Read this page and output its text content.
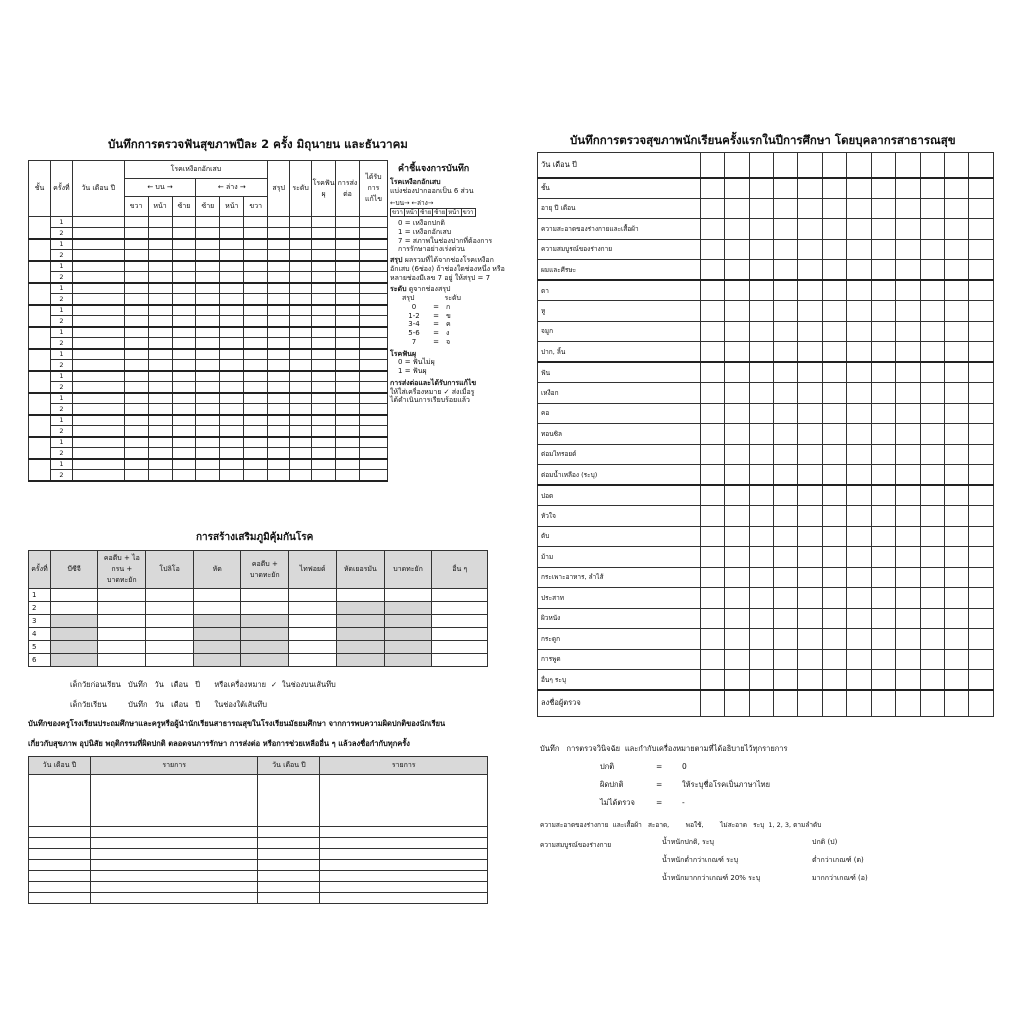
บันทึกการตรวจฟันสุขภาพปีละ 2 ครั้ง มิถุนายน และธันวาคม
ชั้น	ครั้งที่	วัน เดือน ปี	โรคเหงือกอักเสบ						สรุป	ระดับ	โรคฟันผุ	การส่งต่อ	ได้รับการแก้ไข
			← บน →			← ล่าง →							
			ขวา	หน้า	ซ้าย	ซ้าย	หน้า	ขวา					
	1												
	2												
	1												
	2												
	1												
	2												
	1												
	2												
	1												
	2												
	1												
	2												
	1												
	2												
	1												
	2												
	1												
	2												
	1												
	2												
	1												
	2												
	1												
	2												
คำชี้แจงการบันทึก
โรคเหงือกอักเสบ
แบ่งช่องปากออกเป็น 6 ส่วน
←บน→ ←ล่าง→
ขวา	หน้า	ซ้าย	ซ้าย	หน้า	ขวา
0 = เหงือกปกติ
1 = เหงือกอักเสบ
7 = สภาพในช่องปากที่ต้องการการรักษาอย่างเร่งด่วน
สรุป ผลรวมที่ได้จากช่องโรคเหงือกอักเสบ (6ช่อง) ถ้าช่องใดช่องหนึ่ง หรือหลายช่องมีเลข 7 อยู่ ให้สรุป = 7
ระดับ ดูจากช่องสรุป
สรุป	ระดับ
0	=	ก
1-2	=	ข
3-4	=	ค
5-6	=	ง
7	=	จ
โรคฟันผุ
0 = ฟันไม่ผุ
1 = ฟันผุ
การส่งต่อและได้รับการแก้ไข
ให้ใส่เครื่องหมาย ✓ ส่งเมื่อรู
ได้ดำเนินการเรียบร้อยแล้ว
การสร้างเสริมภูมิคุ้มกันโรค
ครั้งที่	บีซีจี	คอตีบ + ไอกรน + บาดทะยัก	โปลิโอ	หัด	คอตีบ + บาดทะยัก	ไทฟอยด์	หัดเยอรมัน	บาดทะยัก	อื่น ๆ
1									
2									
3									
4									
5									
6									
เด็กวัยก่อนเรียน   บันทึก   วัน   เดือน   ปี      หรือเครื่องหมาย  ✓  ในช่องบนเส้นทึบ
เด็กวัยเรียน         บันทึก   วัน   เดือน   ปี      ในช่องใต้เส้นทึบ
บันทึกของครูโรงเรียนประถมศึกษาและครูหรือผู้นำนักเรียนสาธารณสุขในโรงเรียนมัธยมศึกษา จากการพบความผิดปกติของนักเรียน
เกี่ยวกับสุขภาพ อุปนิสัย พฤติกรรมที่ผิดปกติ ตลอดจนการรักษา การส่งต่อ หรือการช่วยเหลืออื่น ๆ แล้วลงชื่อกำกับทุกครั้ง
วัน เดือน ปี	รายการ	วัน เดือน ปี	รายการ

บันทึกการตรวจสุขภาพนักเรียนครั้งแรกในปีการศึกษา โดยบุคลากรสาธารณสุข
วัน เดือน ปี												
ชั้น												
อายุ ปี เดือน												
ความสะอาดของร่างกายและเสื้อผ้า												
ความสมบูรณ์ของร่างกาย												
ผมและศีรษะ												
ตา												
หู												
จมูก												
ปาก, ลิ้น												
ฟัน												
เหงือก												
คอ												
ทอนซิล												
ต่อมไทรอยด์												
ต่อมน้ำเหลือง (ระบุ)												
ปอด												
หัวใจ												
ตับ												
ม้าม												
กระเพาะอาหาร, ลำไส้												
ประสาท												
ผิวหนัง												
กระดูก												
การพูด												
อื่นๆ ระบุ												
ลงชื่อผู้ตรวจ												
บันทึก   การตรวจวินิจฉัย  และกำกับเครื่องหมายตามที่ได้อธิบายไว้ทุกรายการ
ปกติ	=	0
ผิดปกติ	=	ให้ระบุชื่อโรคเป็นภาษาไทย
ไม่ได้ตรวจ	=	-
ความสะอาดของร่างกาย  และเสื้อผ้า สะอาด,        พอใช้,        ไม่สะอาด   ระบุ  1, 2, 3, ตามลำดับ
ความสมบูรณ์ของร่างกาย	น้ำหนักปกติ, ระบุ	ปกติ (ป)
น้ำหนักต่ำกว่าเกณฑ์ ระบุ	ต่ำกว่าเกณฑ์ (ต)
น้ำหนักมากกว่าเกณฑ์ 20% ระบุ	มากกว่าเกณฑ์ (อ)
